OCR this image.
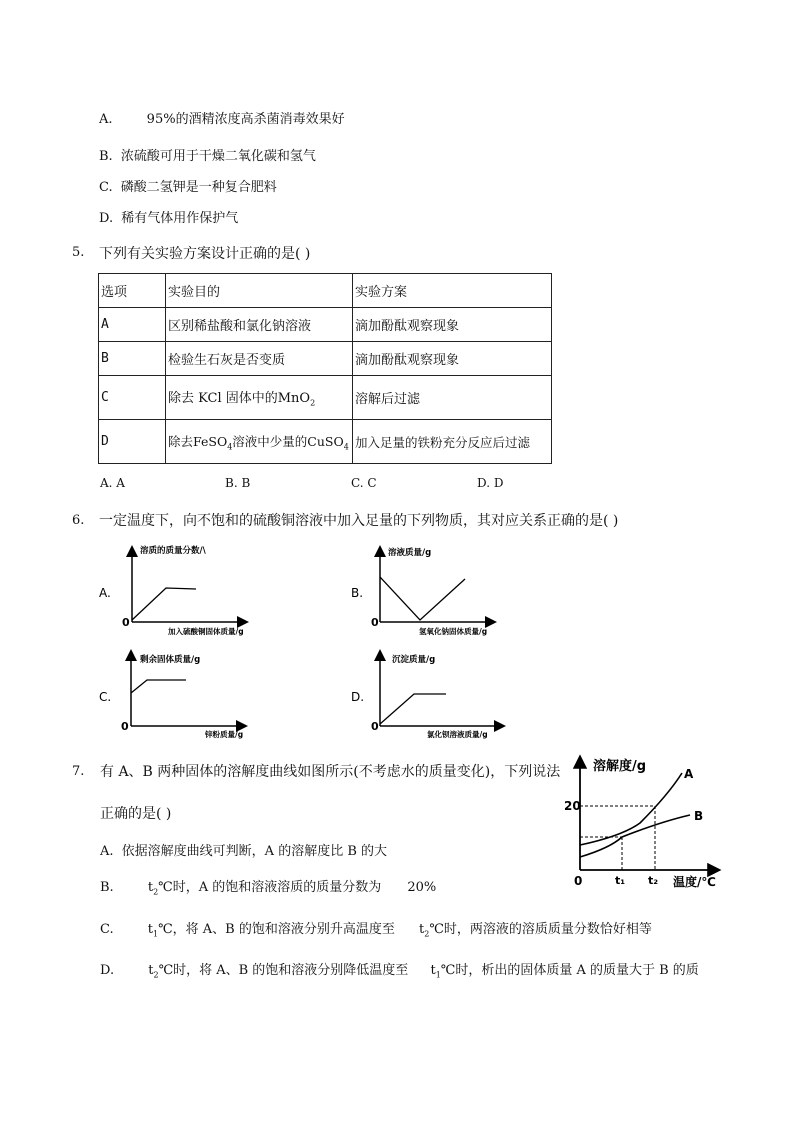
A.	95%的酒精浓度高杀菌消毒效果好
B. 浓硫酸可用于干燥二氧化碳和氢气
C. 磷酸二氢钾是一种复合肥料
D. 稀有气体用作保护气
5. 下列有关实验方案设计正确的是( )
选项	实验目的	实验方案
A	区别稀盐酸和氯化钠溶液	滴加酚酞观察现象
B	检验生石灰是否变质	滴加酚酞观察现象
C	除去 KCl 固体中的MnO$_2$	溶解后过滤
D	除去FeSO$_4$溶液中少量的CuSO$_4$	加入足量的铁粉充分反应后过滤
A. A	B. B	C. C	D. D
6. 一定温度下，向不饱和的硫酸铜溶液中加入足量的下列物质，其对应关系正确的是( )
A.
溶质的质量分数/\
加入硫酸铜固体质量/g
0
B.
溶液质量/g
氢氧化钠固体质量/g
0
C.
剩余固体质量/g
锌粉质量/g
0
D.
沉淀质量/g
氯化钡溶液质量/g
0
溶解度/g
温度/℃
0
20
t₁ t₂
A
B
7. 有 A、B 两种固体的溶解度曲线如图所示(不考虑水的质量变化)，下列说法
正确的是( )
A. 依据溶解度曲线可判断，A 的溶解度比 B 的大
B.	$t_2℃$时，A 的饱和溶液溶质的质量分数为 20%
C.	$t_1℃$，将 A、B 的饱和溶液分别升高温度至 $t_2℃$时，两溶液的溶质质量分数恰好相等
D.	$t_2℃$时，将 A、B 的饱和溶液分别降低温度至 $t_1℃$时，析出的固体质量 A 的质量大于 B 的质
